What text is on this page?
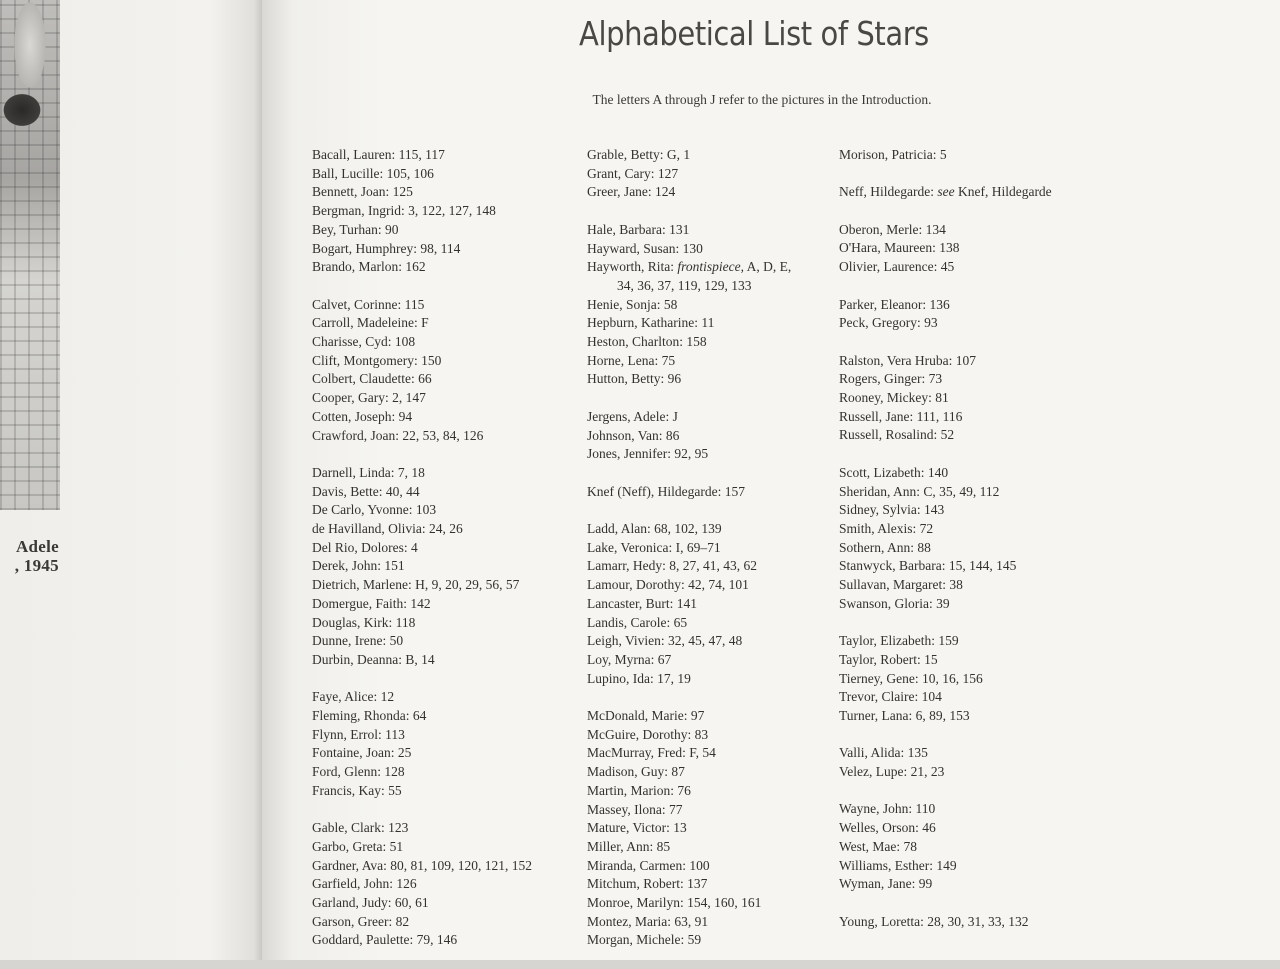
Adele
, 1945
Alphabetical List of Stars

The letters A through J refer to the pictures in the Introduction.

Bacall, Lauren: 115, 117
Ball, Lucille: 105, 106
Bennett, Joan: 125
Bergman, Ingrid: 3, 122, 127, 148
Bey, Turhan: 90
Bogart, Humphrey: 98, 114
Brando, Marlon: 162
Calvet, Corinne: 115
Carroll, Madeleine: F
Charisse, Cyd: 108
Clift, Montgomery: 150
Colbert, Claudette: 66
Cooper, Gary: 2, 147
Cotten, Joseph: 94
Crawford, Joan: 22, 53, 84, 126
Darnell, Linda: 7, 18
Davis, Bette: 40, 44
De Carlo, Yvonne: 103
de Havilland, Olivia: 24, 26
Del Rio, Dolores: 4
Derek, John: 151
Dietrich, Marlene: H, 9, 20, 29, 56, 57
Domergue, Faith: 142
Douglas, Kirk: 118
Dunne, Irene: 50
Durbin, Deanna: B, 14
Faye, Alice: 12
Fleming, Rhonda: 64
Flynn, Errol: 113
Fontaine, Joan: 25
Ford, Glenn: 128
Francis, Kay: 55
Gable, Clark: 123
Garbo, Greta: 51
Gardner, Ava: 80, 81, 109, 120, 121, 152
Garfield, John: 126
Garland, Judy: 60, 61
Garson, Greer: 82
Goddard, Paulette: 79, 146
Grable, Betty: G, 1
Grant, Cary: 127
Greer, Jane: 124
Hale, Barbara: 131
Hayward, Susan: 130
Hayworth, Rita: frontispiece, A, D, E,
34, 36, 37, 119, 129, 133
Henie, Sonja: 58
Hepburn, Katharine: 11
Heston, Charlton: 158
Horne, Lena: 75
Hutton, Betty: 96
Jergens, Adele: J
Johnson, Van: 86
Jones, Jennifer: 92, 95
Knef (Neff), Hildegarde: 157
Ladd, Alan: 68, 102, 139
Lake, Veronica: I, 69–71
Lamarr, Hedy: 8, 27, 41, 43, 62
Lamour, Dorothy: 42, 74, 101
Lancaster, Burt: 141
Landis, Carole: 65
Leigh, Vivien: 32, 45, 47, 48
Loy, Myrna: 67
Lupino, Ida: 17, 19
McDonald, Marie: 97
McGuire, Dorothy: 83
MacMurray, Fred: F, 54
Madison, Guy: 87
Martin, Marion: 76
Massey, Ilona: 77
Mature, Victor: 13
Miller, Ann: 85
Miranda, Carmen: 100
Mitchum, Robert: 137
Monroe, Marilyn: 154, 160, 161
Montez, Maria: 63, 91
Morgan, Michele: 59
Morison, Patricia: 5
Neff, Hildegarde: see Knef, Hildegarde
Oberon, Merle: 134
O'Hara, Maureen: 138
Olivier, Laurence: 45
Parker, Eleanor: 136
Peck, Gregory: 93
Ralston, Vera Hruba: 107
Rogers, Ginger: 73
Rooney, Mickey: 81
Russell, Jane: 111, 116
Russell, Rosalind: 52
Scott, Lizabeth: 140
Sheridan, Ann: C, 35, 49, 112
Sidney, Sylvia: 143
Smith, Alexis: 72
Sothern, Ann: 88
Stanwyck, Barbara: 15, 144, 145
Sullavan, Margaret: 38
Swanson, Gloria: 39
Taylor, Elizabeth: 159
Taylor, Robert: 15
Tierney, Gene: 10, 16, 156
Trevor, Claire: 104
Turner, Lana: 6, 89, 153
Valli, Alida: 135
Velez, Lupe: 21, 23
Wayne, John: 110
Welles, Orson: 46
West, Mae: 78
Williams, Esther: 149
Wyman, Jane: 99
Young, Loretta: 28, 30, 31, 33, 132
